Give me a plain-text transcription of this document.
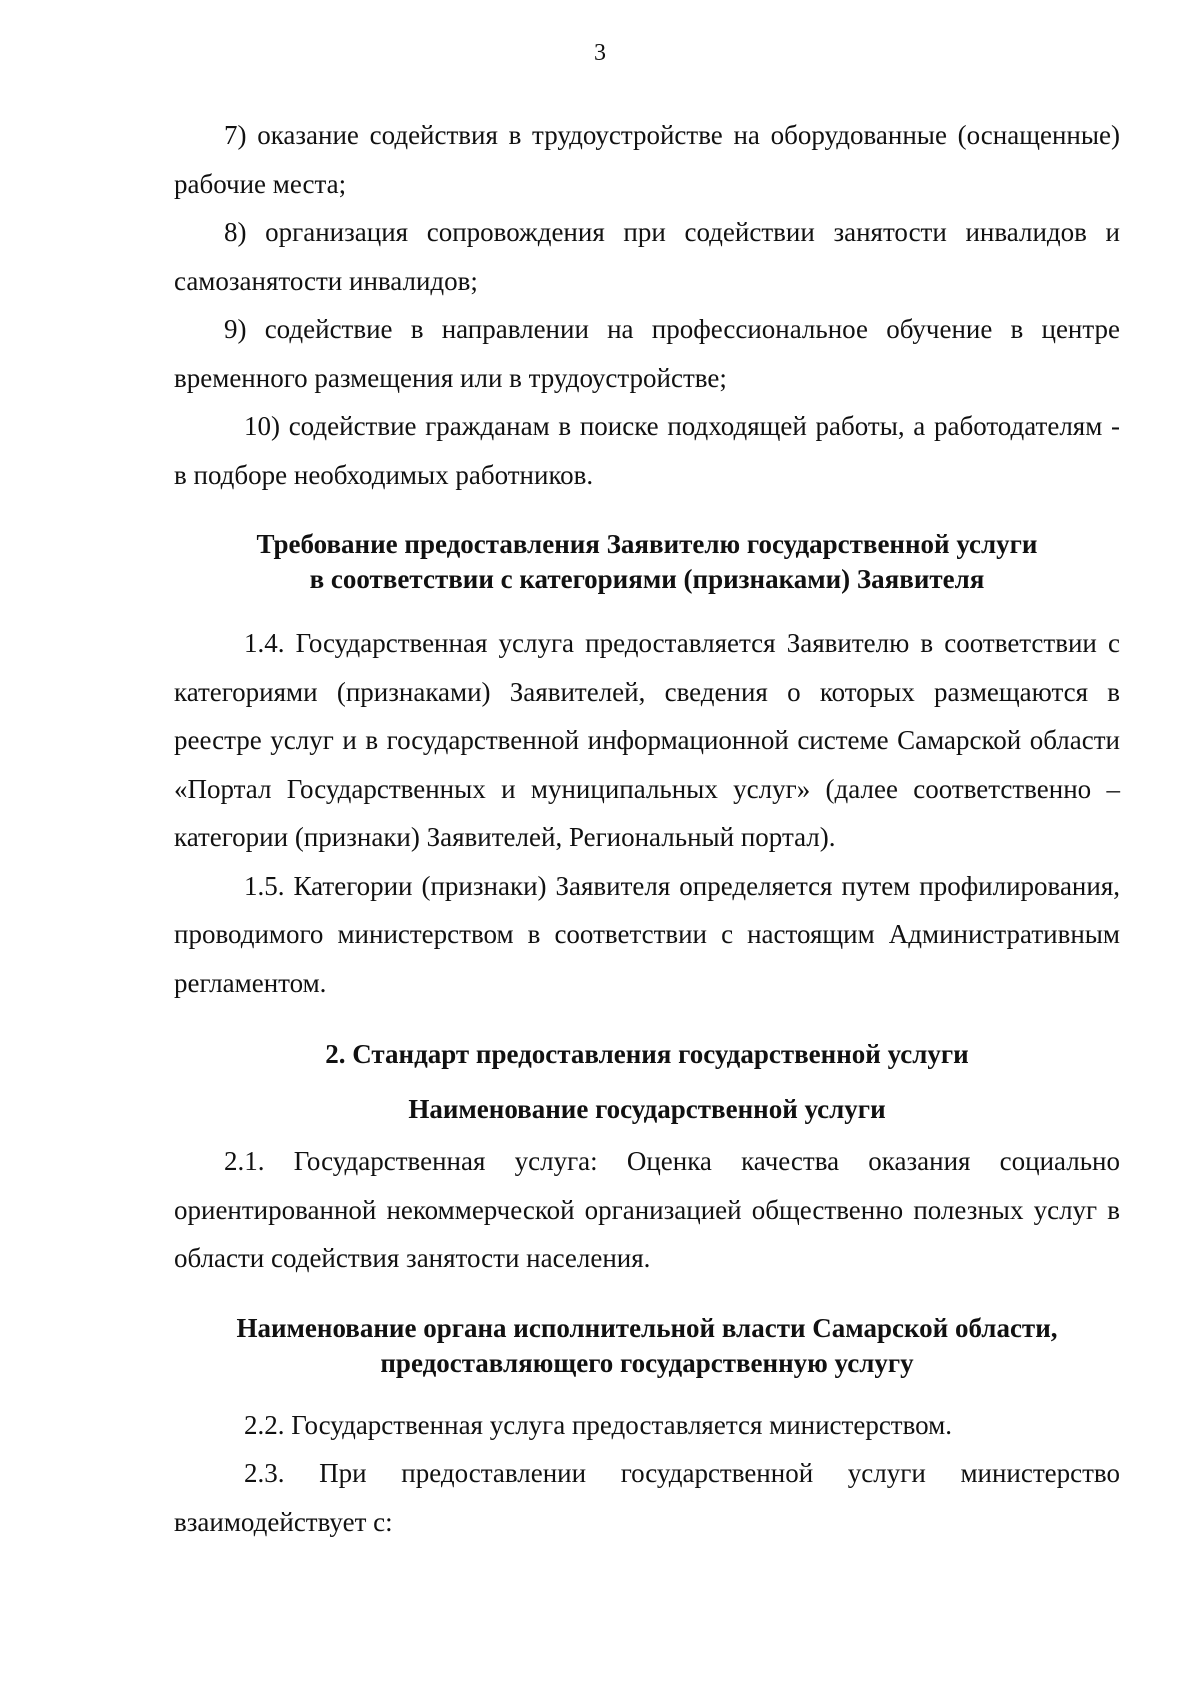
3

7) оказание содействия в трудоустройстве на оборудованные (оснащенные) рабочие места;

8) организация сопровождения при содействии занятости инвалидов и самозанятости инвалидов;

9) содействие в направлении на профессиональное обучение в центре временного размещения или в трудоустройстве;

10) содействие гражданам в поиске подходящей работы, а работодателям - в подборе необходимых работников.

Требование предоставления Заявителю государственной услуги
в соответствии с категориями (признаками) Заявителя

1.4. Государственная услуга предоставляется Заявителю в соответствии с категориями (признаками) Заявителей, сведения о которых размещаются в реестре услуг и в государственной информационной системе Самарской области «Портал Государственных и муниципальных услуг» (далее соответственно – категории (признаки) Заявителей, Региональный портал).

1.5. Категории (признаки) Заявителя определяется путем профилирования, проводимого министерством в соответствии с настоящим Административным регламентом.

2. Стандарт предоставления государственной услуги
Наименование государственной услуги

2.1. Государственная услуга: Оценка качества оказания социально ориентированной некоммерческой организацией общественно полезных услуг в области содействия занятости населения.

Наименование органа исполнительной власти Самарской области,
предоставляющего государственную услугу

2.2. Государственная услуга предоставляется министерством.

2.3. При предоставлении государственной услуги министерство взаимодействует с:
